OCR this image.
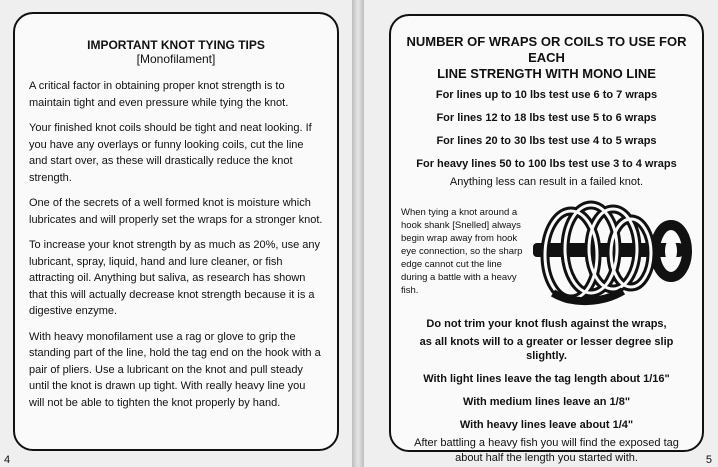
IMPORTANT KNOT TYING TIPS
[Monofilament]

A critical factor in obtaining proper knot strength is to maintain tight and even pressure while tying the knot.

Your finished knot coils should be tight and neat looking. If you have any overlays or funny looking coils, cut the line and start over, as these will drastically reduce the knot strength.

One of the secrets of a well formed knot is moisture which lubricates and will properly set the wraps for a stronger knot.

To increase your knot strength by as much as 20%, use any lubricant, spray, liquid, hand and lure cleaner, or fish attracting oil. Anything but saliva, as research has shown that this will actually decrease knot strength because it is a digestive enzyme.

With heavy monofilament use a rag or glove to grip the standing part of the line, hold the tag end on the hook with a pair of pliers. Use a lubricant on the knot and pull steady until the knot is drawn up tight. With really heavy line you will not be able to tighten the knot properly by hand.

4
NUMBER OF WRAPS OR COILS TO USE FOR EACH
LINE STRENGTH WITH MONO LINE
For lines up to 10 lbs test use 6 to 7 wraps
For lines 12 to 18 lbs test use 5 to 6 wraps
For lines 20 to 30 lbs test use 4 to 5 wraps
For heavy lines 50 to 100 lbs test use 3 to 4 wraps
Anything less can result in a failed knot.
When tying a knot around a hook shank [Snelled] always begin wrap away from hook eye connection, so the sharp edge cannot cut the line during a battle with a heavy fish.
Do not trim your knot flush against the wraps,
as all knots will to a greater or lesser degree slip slightly.
With light lines leave the tag length about 1/16"
With medium lines leave an 1/8"
With heavy lines leave about 1/4"
After battling a heavy fish you will find the exposed tag
about half the length you started with.	5
